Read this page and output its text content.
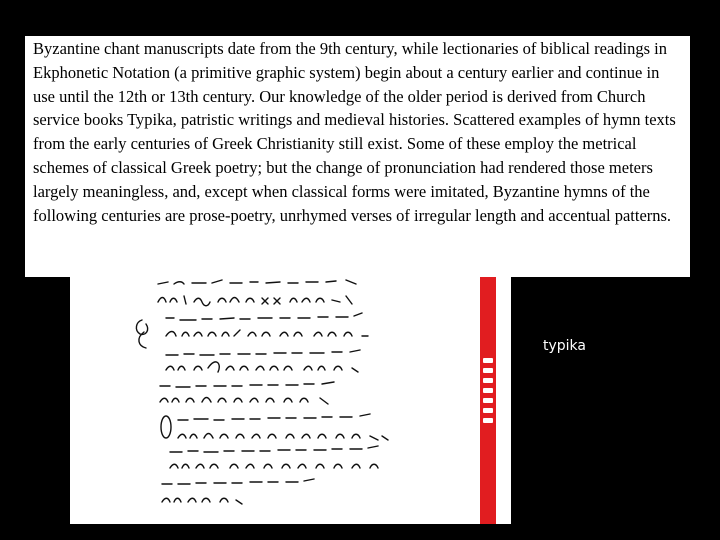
Byzantine chant manuscripts date from the 9th century, while lectionaries of biblical readings in Ekphonetic Notation (a primitive graphic system) begin about a century earlier and continue in use until the 12th or 13th century. Our knowledge of the older period is derived from Church service books Typika, patristic writings and medieval histories. Scattered examples of hymn texts from the early centuries of Greek Christianity still exist. Some of these employ the metrical schemes of classical Greek poetry; but the change of pronunciation had rendered those meters largely meaningless, and, except when classical forms were imitated, Byzantine hymns of the following centuries are prose-poetry, unrhymed verses of irregular length and accentual patterns.

typika
